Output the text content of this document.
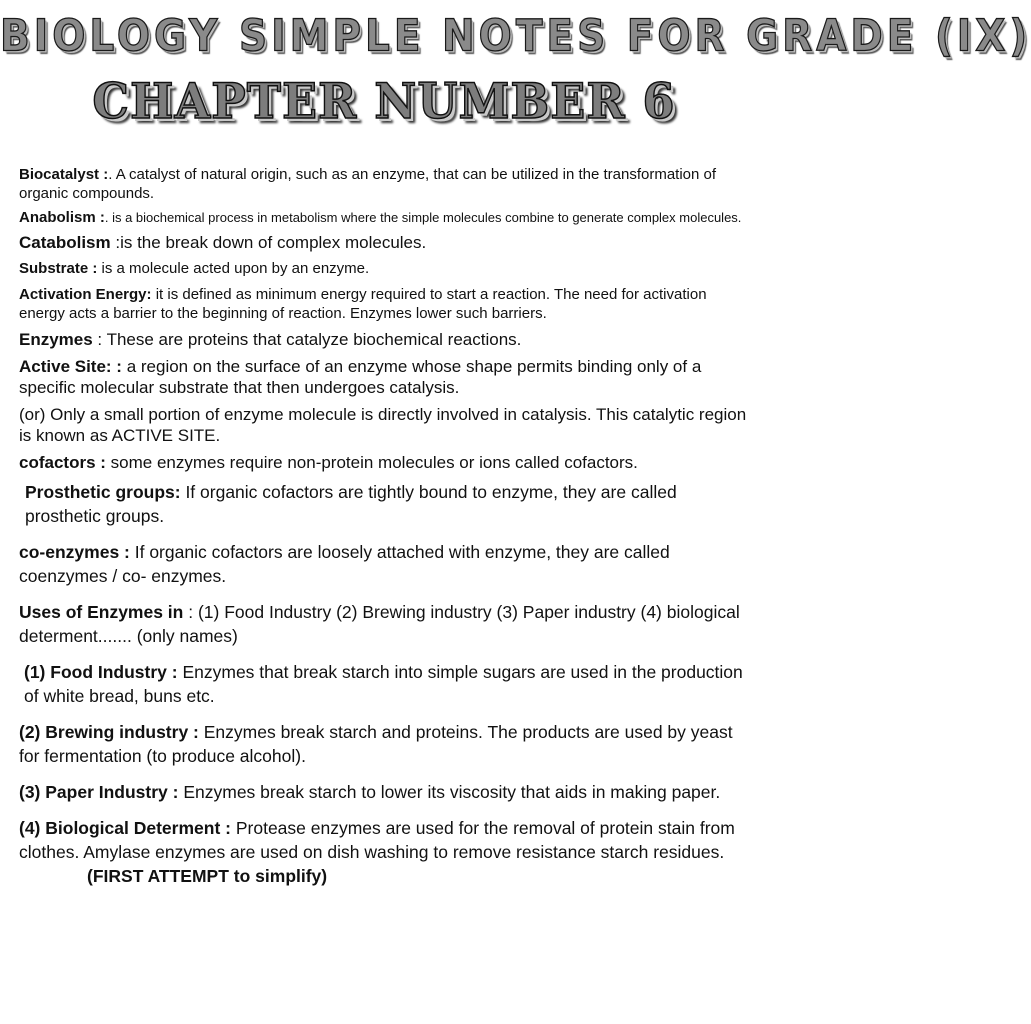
BIOLOGY SIMPLE NOTES FOR GRADE (IX)
CHAPTER NUMBER 6

Biocatalyst :. A catalyst of natural origin, such as an enzyme, that can be utilized in the transformation of organic compounds.

Anabolism :. is a biochemical process in metabolism where the simple molecules combine to generate complex molecules.

Catabolism :is the break down of complex molecules.

Substrate : is a molecule acted upon by an enzyme.

Activation Energy: it is defined as minimum energy required to start a reaction. The need for activation energy acts a barrier to the beginning of reaction. Enzymes lower such barriers.

Enzymes : These are proteins that catalyze biochemical reactions.

Active Site: : a region on the surface of an enzyme whose shape permits binding only of a specific molecular substrate that then undergoes catalysis.

(or) Only a small portion of enzyme molecule is directly involved in catalysis. This catalytic region is known as ACTIVE SITE.

cofactors : some enzymes require non-protein molecules or ions called cofactors.

Prosthetic groups: If organic cofactors are tightly bound to enzyme, they are called prosthetic groups.

co-enzymes : If organic cofactors are loosely attached with enzyme, they are called coenzymes / co- enzymes.

Uses of Enzymes in : (1) Food Industry (2) Brewing industry (3) Paper industry (4) biological determent....... (only names)

(1) Food Industry : Enzymes that break starch into simple sugars are used in the production of white bread, buns etc.

(2) Brewing industry : Enzymes break starch and proteins. The products are used by yeast for fermentation (to produce alcohol).

(3) Paper Industry : Enzymes break starch to lower its viscosity that aids in making paper.

(4) Biological Determent : Protease enzymes are used for the removal of protein stain from clothes. Amylase enzymes are used on dish washing to remove resistance starch residues.(FIRST ATTEMPT to simplify)
